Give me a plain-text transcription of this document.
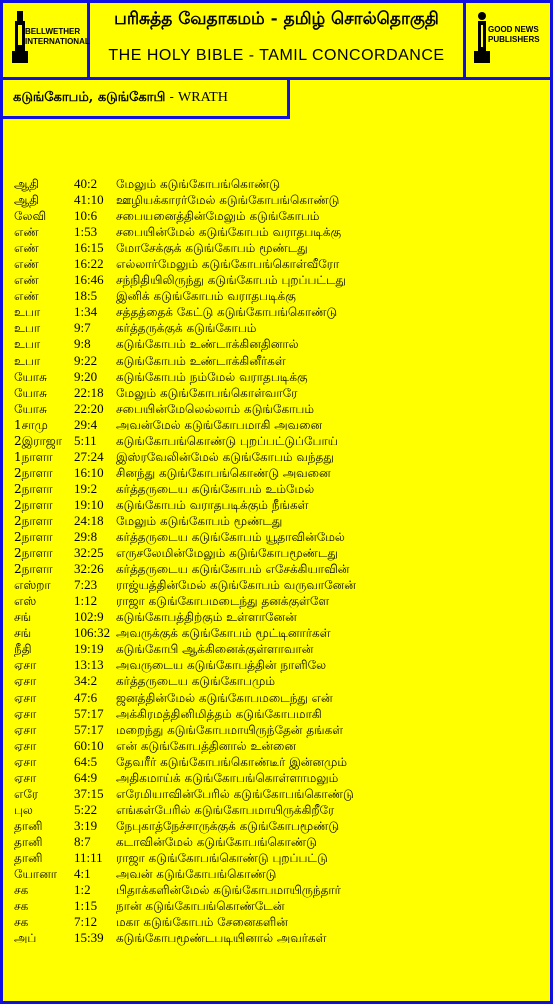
BELLWETHER
INTERNATIONAL
பரிசுத்த வேதாகமம் - தமிழ் சொல்தொகுதி
THE HOLY BIBLE - TAMIL CONCORDANCE
GOOD NEWS
PUBLISHERS
கடுங்கோபம், கடுங்கோபி - WRATH
ஆதி	40:2 மேலும் கடுங்கோபங்கொண்டு
ஆதி	41:10 ஊழியக்காரர்மேல் கடுங்கோபங்கொண்டு
லேவி 10:6 சபையனைத்தின்மேலும் கடுங்கோபம்
எண்	1:53 சபையின்மேல் கடுங்கோபம் வராதபடிக்கு
எண்	16:15 மோசேக்குக் கடுங்கோபம் மூண்டது
எண்	16:22 எல்லார்மேலும் கடுங்கோபங்கொள்வீரோ
எண்	16:46 சந்நிதியிலிருந்து கடுங்கோபம் புறப்பட்டது
எண்	18:5 இனிக் கடுங்கோபம் வராதபடிக்கு
உபா	1:34 சத்தத்தைக் கேட்டு கடுங்கோபங்கொண்டு
உபா	9:7 கர்த்தருக்குக் கடுங்கோபம்
உபா	9:8 கடுங்கோபம் உண்டாக்கினதினால்
உபா	9:22 கடுங்கோபம் உண்டாக்கினீர்கள்
யோசு 9:20 கடுங்கோபம் நம்மேல் வராதபடிக்கு
யோசு 22:18 மேலும் கடுங்கோபங்கொள்வாரே
யோசு 22:20 சபையின்மேலெல்லாம் கடுங்கோபம்
1சாமு 29:4 அவன்மேல் கடுங்கோபமாகி அவனை
2இராஜா 5:11 கடுங்கோபங்கொண்டு புறப்பட்டுப்போய்
1நாளா 27:24 இஸ்ரவேலின்மேல் கடுங்கோபம் வந்தது
2நாளா 16:10 சினந்து கடுங்கோபங்கொண்டு அவனை
2நாளா 19:2 கர்த்தருடைய கடுங்கோபம் உம்மேல்
2நாளா 19:10 கடுங்கோபம் வராதபடிக்கும் நீங்கள்
2நாளா 24:18 மேலும் கடுங்கோபம் மூண்டது
2நாளா 29:8 கர்த்தருடைய கடுங்கோபம் யூதாவின்மேல்
2நாளா 32:25 எருசலேமின்மேலும் கடுங்கோபமூண்டது
2நாளா 32:26 கர்த்தருடைய கடுங்கோபம் எசேக்கியாவின்
எஸ்றா 7:23 ராஜ்யத்தின்மேல் கடுங்கோபம் வருவானேன்
எஸ்	1:12 ராஜா கடுங்கோபமடைந்து தனக்குள்ளே
சங்	102:9 கடுங்கோபத்திற்கும் உள்ளானேன்
சங்	106:32 அவருக்குக் கடுங்கோபம் மூட்டினார்கள்
நீதி	19:19 கடுங்கோபி ஆக்கினைக்குள்ளாவான்
ஏசா	13:13 அவருடைய கடுங்கோபத்தின் நாளிலே
ஏசா	34:2 கர்த்தருடைய கடுங்கோபமும்
ஏசா	47:6 ஜனத்தின்மேல் கடுங்கோபமடைந்து என்
ஏசா	57:17 அக்கிரமத்தினிமித்தம் கடுங்கோபமாகி
ஏசா	57:17 மறைந்து கடுங்கோபமாயிருந்தேன் தங்கள்
ஏசா	60:10 என் கடுங்கோபத்தினால் உன்னை
ஏசா	64:5 தேவரீர் கடுங்கோபங்கொண்டீர் இன்னமும்
ஏசா	64:9 அதிகமாய்க் கடுங்கோபங்கொள்ளாமலும்
எரே	37:15 எரேமியாவின்பேரில் கடுங்கோபங்கொண்டு
புல	5:22 எங்கள்பேரில் கடுங்கோபமாயிருக்கிறீரே
தானி 3:19 நேபுகாத்நேச்சாருக்குக் கடுங்கோபமூண்டு
தானி 8:7 கடாவின்மேல் கடுங்கோபங்கொண்டு
தானி 11:11 ராஜா கடுங்கோபங்கொண்டு புறப்பட்டு
யோனா 4:1 அவன் கடுங்கோபங்கொண்டு
சக	1:2 பிதாக்களின்மேல் கடுங்கோபமாயிருந்தார்
சக	1:15 நான் கடுங்கோபங்கொண்டேன்
சக	7:12 மகா கடுங்கோபம் சேனைகளின்
அப்	15:39 கடுங்கோபமூண்டபடியினால் அவர்கள்
